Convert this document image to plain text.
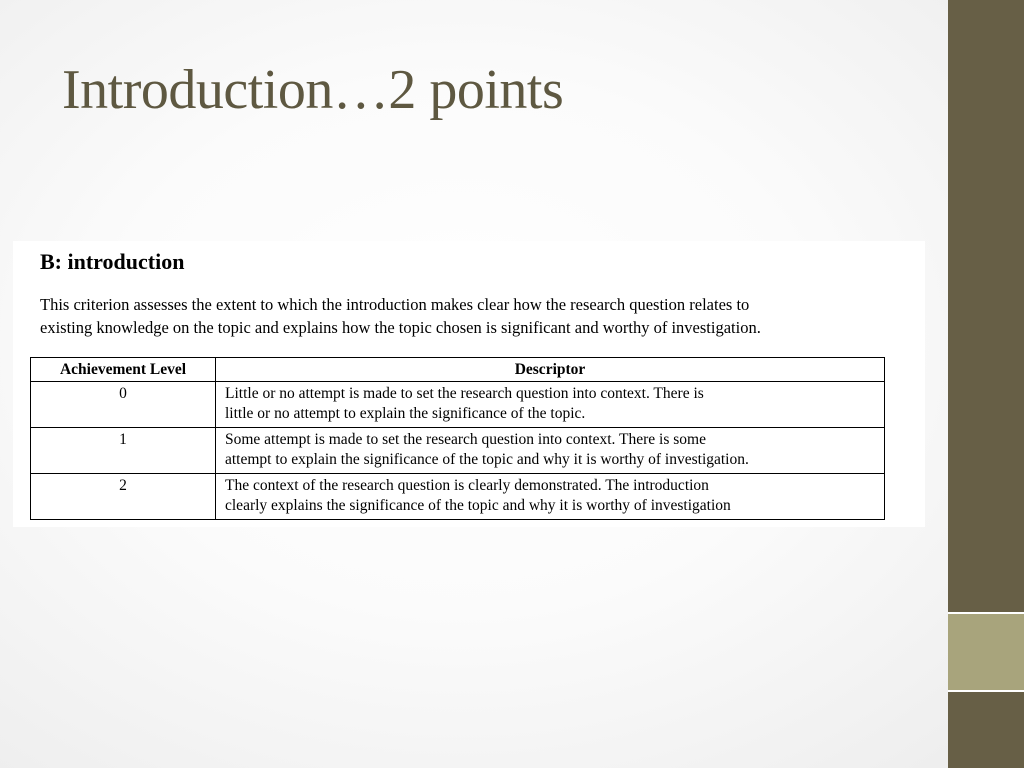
Introduction…2 points
B: introduction

This criterion assesses the extent to which the introduction makes clear how the research question relates to
existing knowledge on the topic and explains how the topic chosen is significant and worthy of investigation.

Achievement Level	Descriptor
0	Little or no attempt is made to set the research question into context. There is
little or no attempt to explain the significance of the topic.

1	Some attempt is made to set the research question into context. There is some
attempt to explain the significance of the topic and why it is worthy of investigation.

2	The context of the research question is clearly demonstrated. The introduction
clearly explains the significance of the topic and why it is worthy of investigation
